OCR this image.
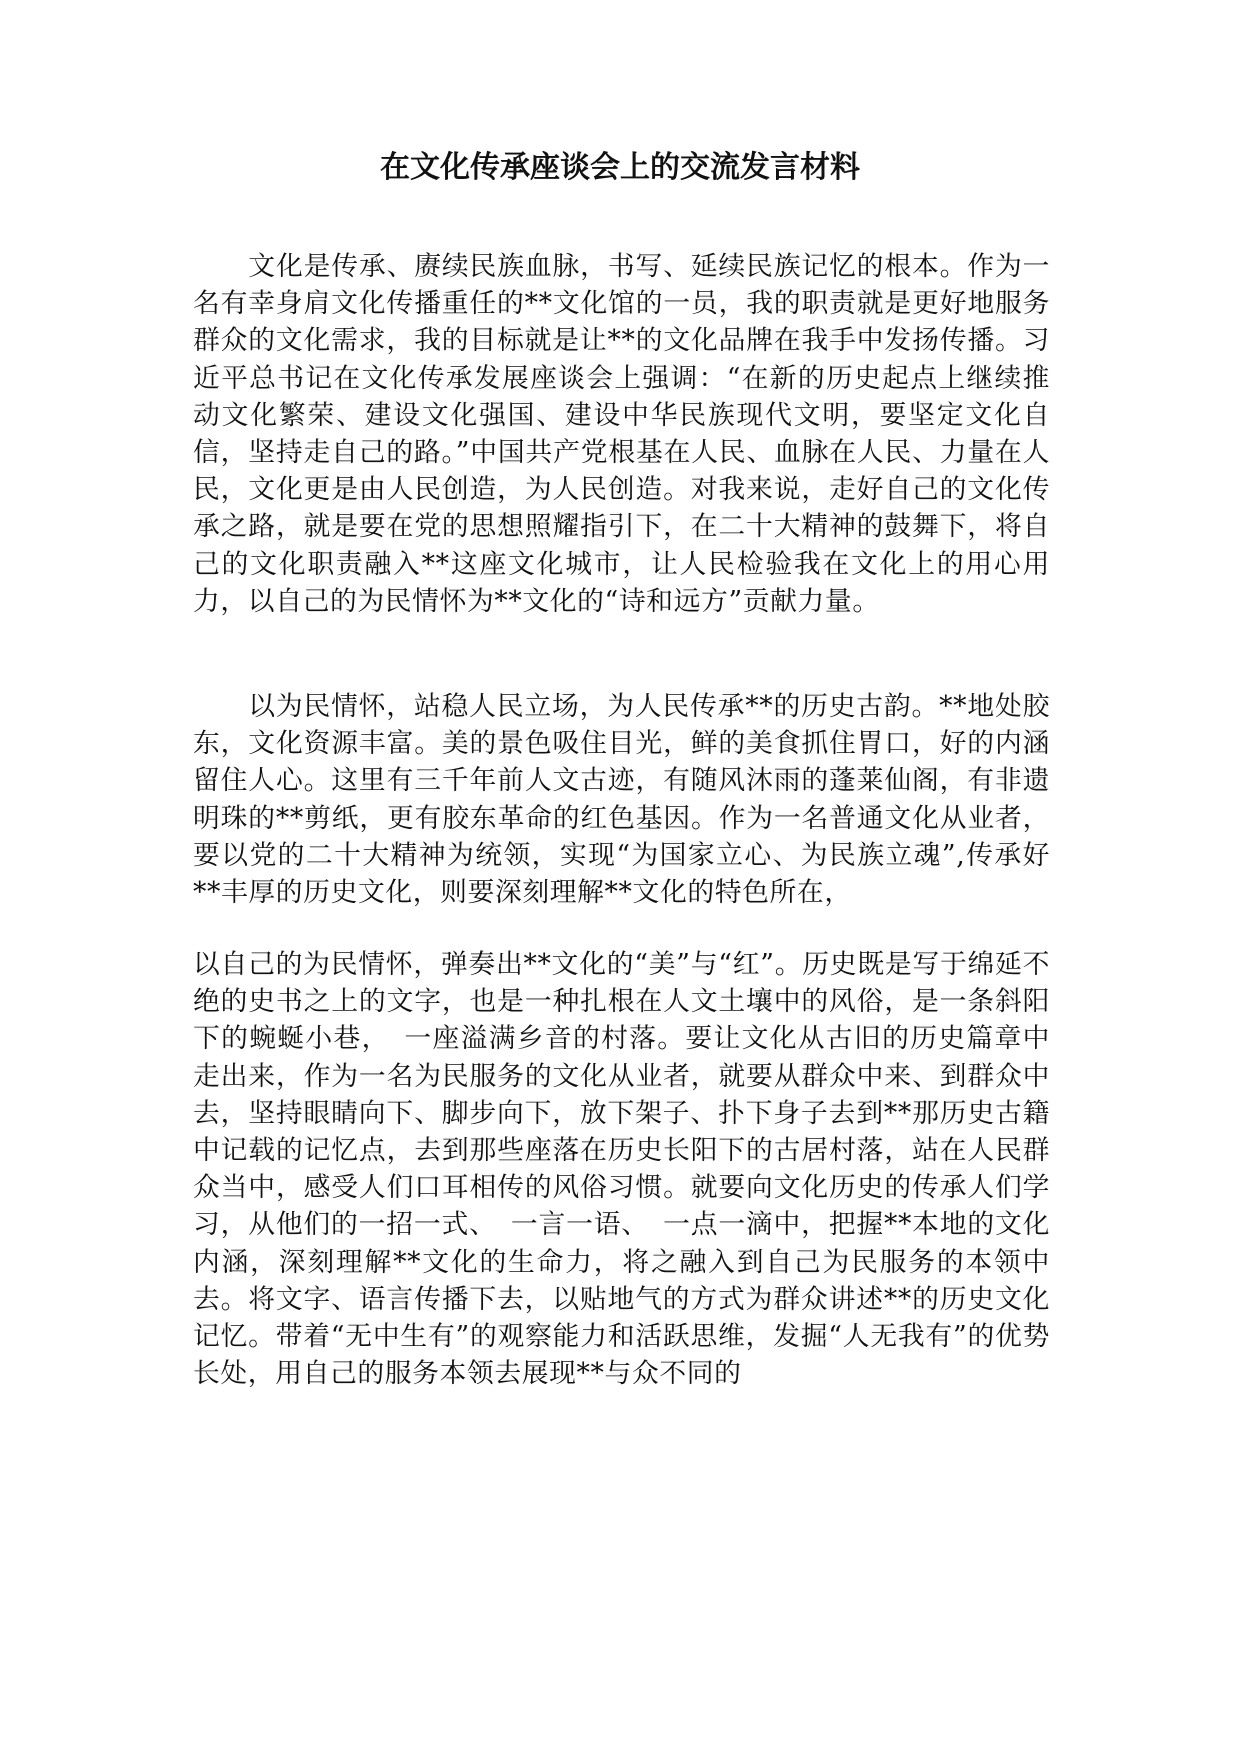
在文化传承座谈会上的交流发言材料

　　文化是传承、赓续民族血脉，书写、延续民族记忆的根本。作为一名有幸身肩文化传播重任的**文化馆的一员，我的职责就是更好地服务群众的文化需求，我的目标就是让**的文化品牌在我手中发扬传播。习近平总书记在文化传承发展座谈会上强调：“在新的历史起点上继续推动文化繁荣、建设文化强国、建设中华民族现代文明，要坚定文化自信，坚持走自己的路。”中国共产党根基在人民、血脉在人民、力量在人民，文化更是由人民创造，为人民创造。对我来说，走好自己的文化传承之路，就是要在党的思想照耀指引下，在二十大精神的鼓舞下，将自己的文化职责融入**这座文化城市，让人民检验我在文化上的用心用力，以自己的为民情怀为**文化的“诗和远方”贡献力量。

　　以为民情怀，站稳人民立场，为人民传承**的历史古韵。**地处胶东，文化资源丰富。美的景色吸住目光，鲜的美食抓住胃口，好的内涵留住人心。这里有三千年前人文古迹，有随风沐雨的蓬莱仙阁，有非遗明珠的**剪纸，更有胶东革命的红色基因。作为一名普通文化从业者，要以党的二十大精神为统领，实现“为国家立心、为民族立魂”,传承好**丰厚的历史文化，则要深刻理解**文化的特色所在，

以自己的为民情怀，弹奏出**文化的“美”与“红”。历史既是写于绵延不绝的史书之上的文字，也是一种扎根在人文土壤中的风俗，是一条斜阳下的蜿蜒小巷，　一座溢满乡音的村落。要让文化从古旧的历史篇章中走出来，作为一名为民服务的文化从业者，就要从群众中来、到群众中去，坚持眼睛向下、脚步向下，放下架子、扑下身子去到**那历史古籍中记载的记忆点，去到那些座落在历史长阳下的古居村落，站在人民群众当中，感受人们口耳相传的风俗习惯。就要向文化历史的传承人们学习，从他们的一招一式、　一言一语、　一点一滴中，把握**本地的文化内涵，深刻理解**文化的生命力，将之融入到自己为民服务的本领中去。将文字、语言传播下去，以贴地气的方式为群众讲述**的历史文化记忆。带着“无中生有”的观察能力和活跃思维，发掘“人无我有”的优势长处，用自己的服务本领去展现**与众不同的
